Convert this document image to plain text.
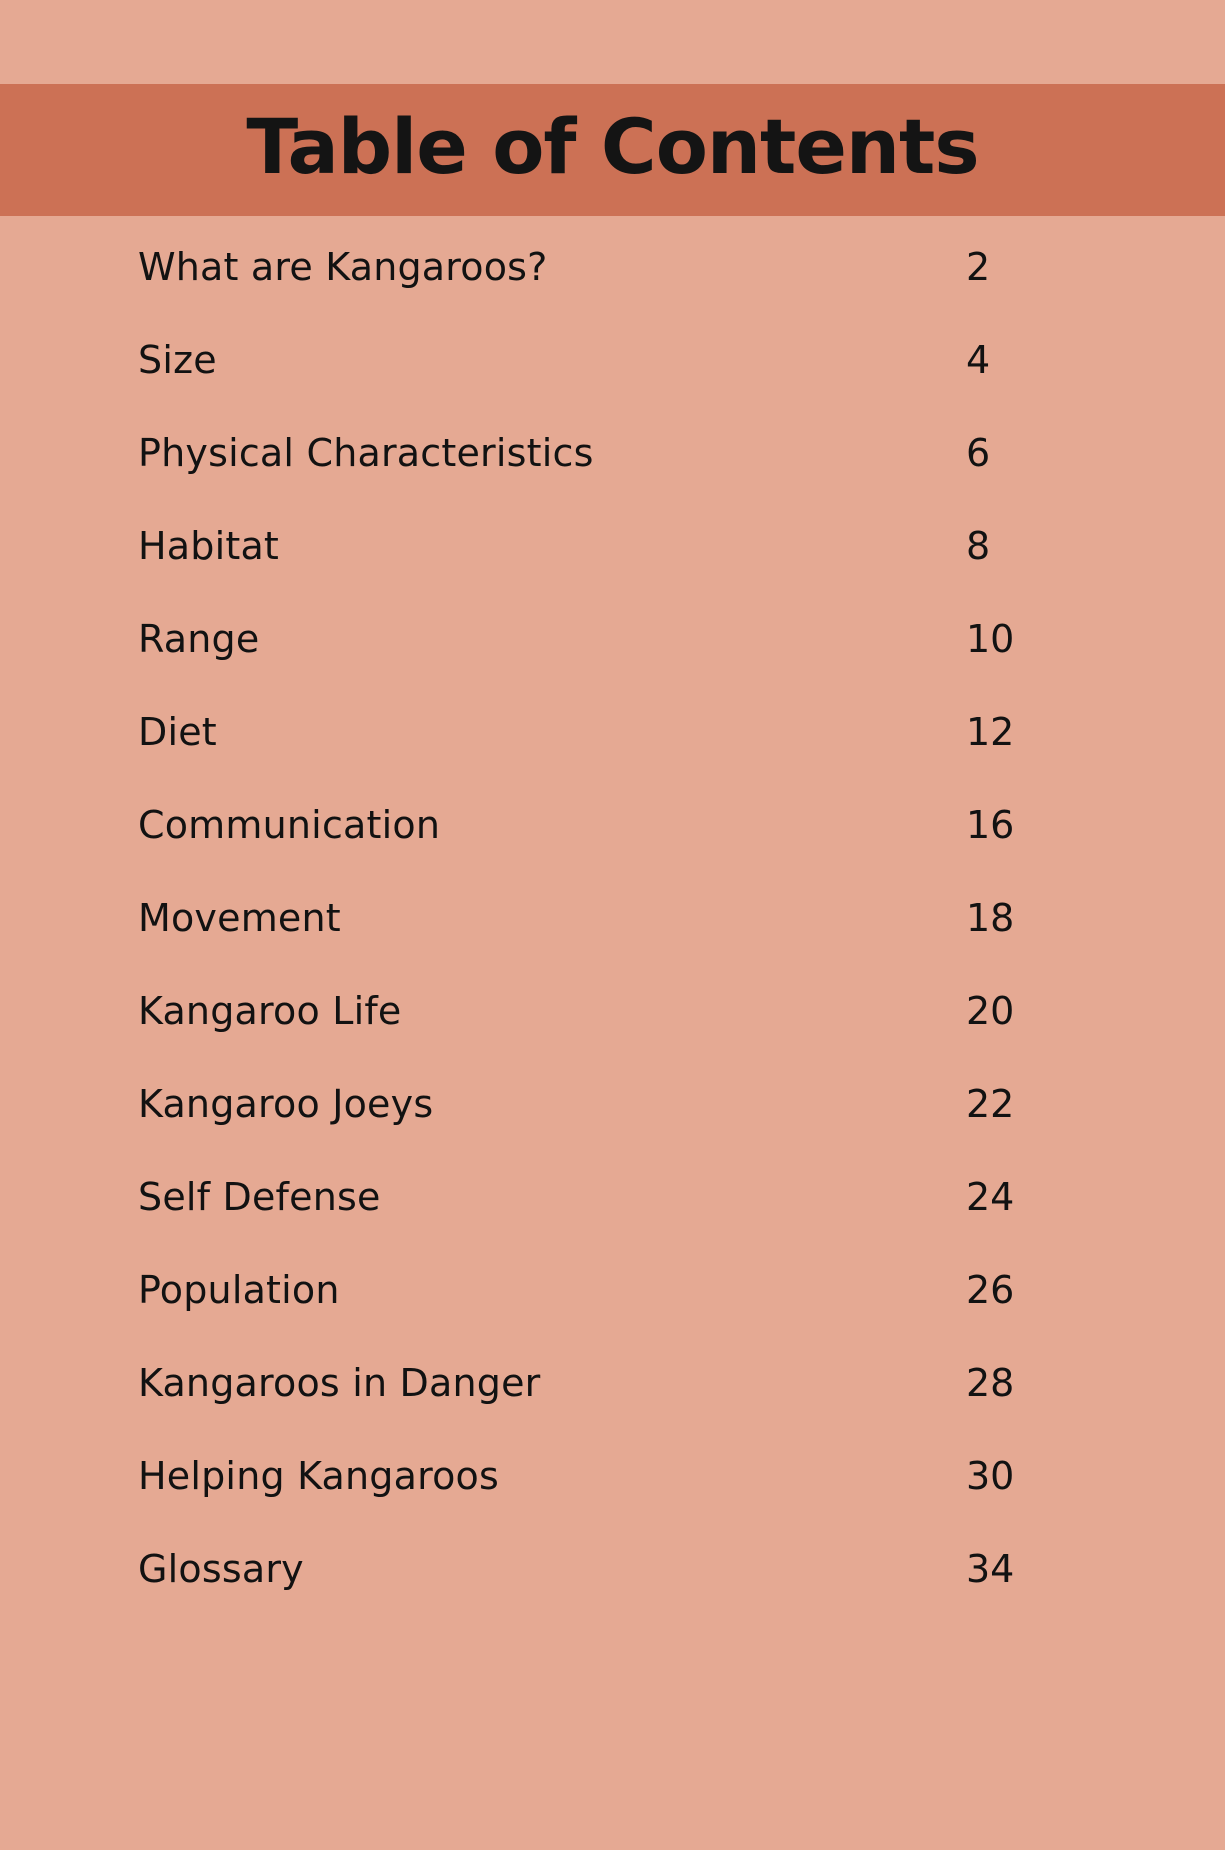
Table of Contents
What are Kangaroos?	2
Size	4
Physical Characteristics	6
Habitat	8
Range	10
Diet	12
Communication	16
Movement	18
Kangaroo Life	20
Kangaroo Joeys	22
Self Defense	24
Population	26
Kangaroos in Danger	28
Helping Kangaroos	30
Glossary	34
